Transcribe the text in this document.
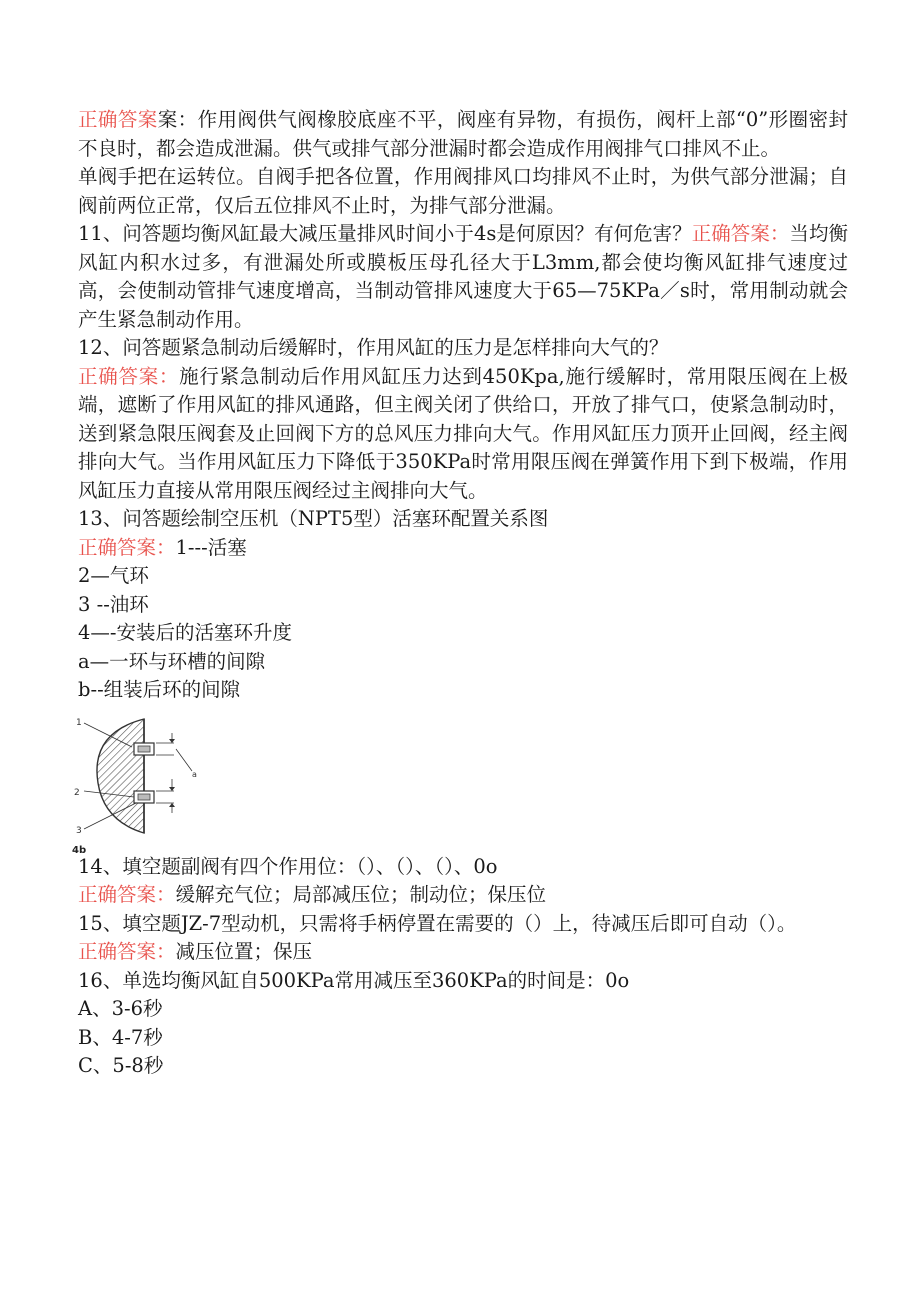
正确答案案：作用阀供气阀橡胶底座不平，阀座有异物，有损伤，阀杆上部“0”形圈密封不良时，都会造成泄漏。供气或排气部分泄漏时都会造成作用阀排气口排风不止。

单阀手把在运转位。自阀手把各位置，作用阀排风口均排风不止时，为供气部分泄漏；自阀前两位正常，仅后五位排风不止时，为排气部分泄漏。

11、问答题均衡风缸最大减压量排风时间小于4s是何原因？有何危害？正确答案：当均衡风缸内积水过多，有泄漏处所或膜板压母孔径大于L3mm,都会使均衡风缸排气速度过高，会使制动管排气速度增高，当制动管排风速度大于65—75KPa／s时，常用制动就会产生紧急制动作用。

12、问答题紧急制动后缓解时，作用风缸的压力是怎样排向大气的？

正确答案：施行紧急制动后作用风缸压力达到450Kpa,施行缓解时，常用限压阀在上极端，遮断了作用风缸的排风通路，但主阀关闭了供给口，开放了排气口，使紧急制动时，送到紧急限压阀套及止回阀下方的总风压力排向大气。作用风缸压力顶开止回阀，经主阀排向大气。当作用风缸压力下降低于350KPa时常用限压阀在弹簧作用下到下极端，作用风缸压力直接从常用限压阀经过主阀排向大气。

13、问答题绘制空压机（NPT5型）活塞环配置关系图

正确答案：1---活塞

2—气环

3 --油环

4—-安装后的活塞环升度

a—一环与环槽的间隙

b--组装后环的间隙

1
2
3
a
4b

14、填空题副阀有四个作用位：（）、（）、（）、0o

正确答案：缓解充气位；局部减压位；制动位；保压位

15、填空题JZ-7型动机，只需将手柄停置在需要的（）上，待减压后即可自动（）。

正确答案：减压位置；保压

16、单选均衡风缸自500KPa常用减压至360KPa的时间是：0o

A、3-6秒

B、4-7秒

C、5-8秒
